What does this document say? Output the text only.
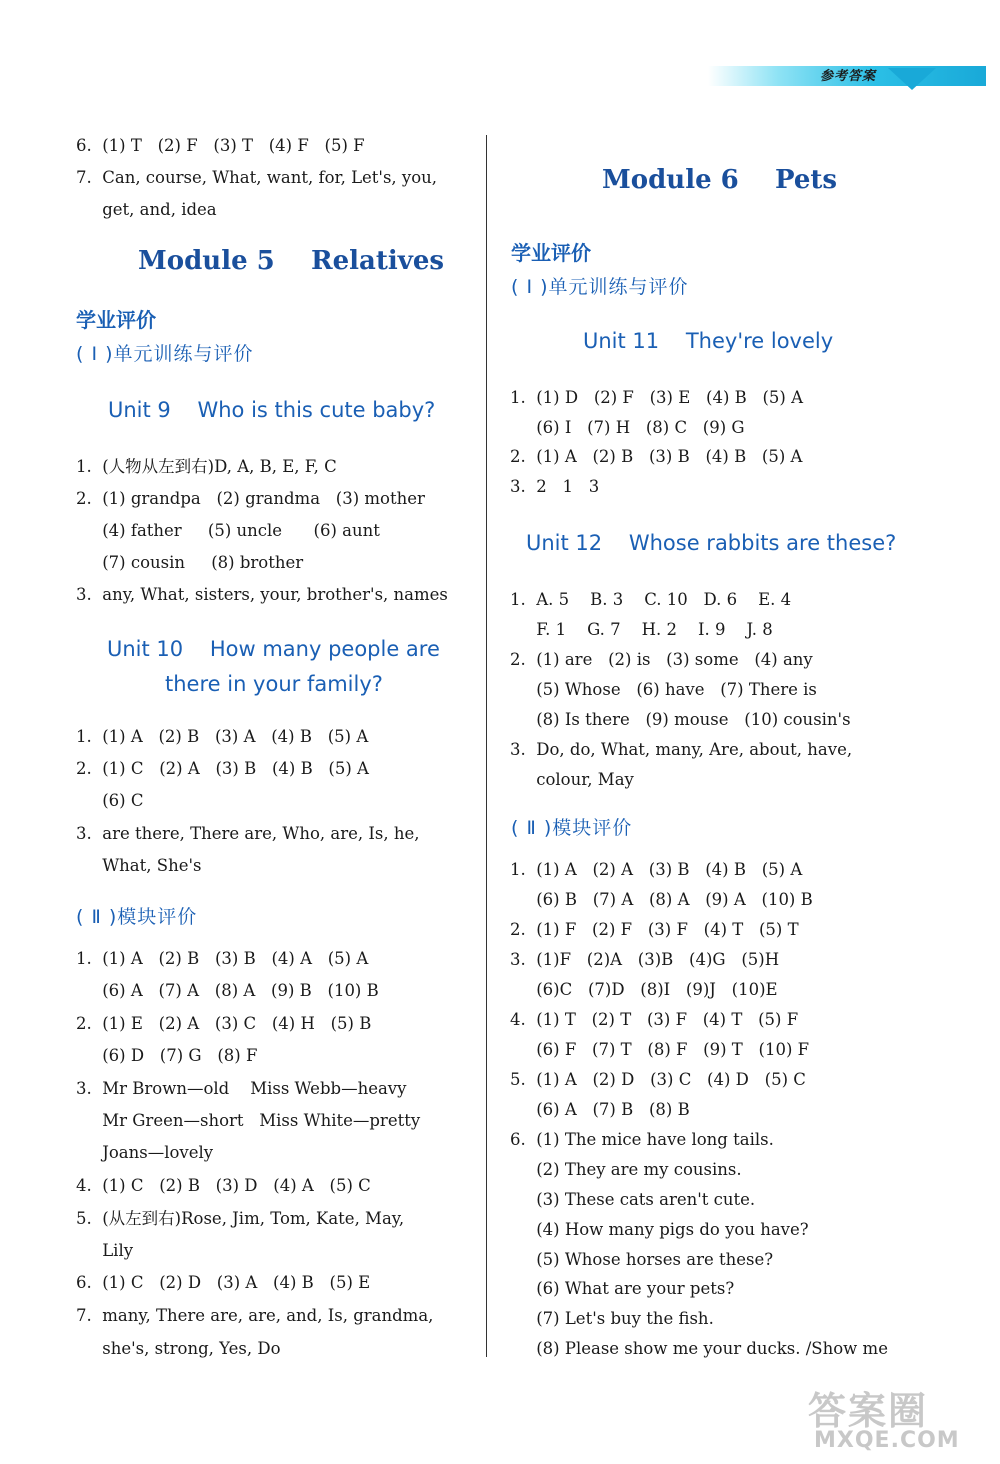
参考答案
6.  (1) T   (2) F   (3) T   (4) F   (5) F
7.  Can, course, What, want, for, Let's, you,
get, and, idea
Module 5    Relatives
学业评价
( Ⅰ )单元训练与评价
Unit 9    Who is this cute baby?
1.  (人物从左到右)D, A, B, E, F, C
2.  (1) grandpa   (2) grandma   (3) mother
(4) father     (5) uncle      (6) aunt
(7) cousin     (8) brother
3.  any, What, sisters, your, brother's, names
Unit 10    How many people are
there in your family?
1.  (1) A   (2) B   (3) A   (4) B   (5) A
2.  (1) C   (2) A   (3) B   (4) B   (5) A
(6) C
3.  are there, There are, Who, are, Is, he,
What, She's
( Ⅱ )模块评价
1.  (1) A   (2) B   (3) B   (4) A   (5) A
(6) A   (7) A   (8) A   (9) B   (10) B
2.  (1) E   (2) A   (3) C   (4) H   (5) B
(6) D   (7) G   (8) F
3.  Mr Brown—old    Miss Webb—heavy
Mr Green—short   Miss White—pretty
Joans—lovely
4.  (1) C   (2) B   (3) D   (4) A   (5) C
5.  (从左到右)Rose, Jim, Tom, Kate, May,
Lily
6.  (1) C   (2) D   (3) A   (4) B   (5) E
7.  many, There are, are, and, Is, grandma,
she's, strong, Yes, Do
Module 6    Pets
学业评价
( Ⅰ )单元训练与评价
Unit 11    They're lovely
1.  (1) D   (2) F   (3) E   (4) B   (5) A
(6) I   (7) H   (8) C   (9) G
2.  (1) A   (2) B   (3) B   (4) B   (5) A
3.  2   1   3
Unit 12    Whose rabbits are these?
1.  A. 5    B. 3    C. 10   D. 6    E. 4
F. 1    G. 7    H. 2    I. 9    J. 8
2.  (1) are   (2) is   (3) some   (4) any
(5) Whose   (6) have   (7) There is
(8) Is there   (9) mouse   (10) cousin's
3.  Do, do, What, many, Are, about, have,
colour, May
( Ⅱ )模块评价
1.  (1) A   (2) A   (3) B   (4) B   (5) A
(6) B   (7) A   (8) A   (9) A   (10) B
2.  (1) F   (2) F   (3) F   (4) T   (5) T
3.  (1)F   (2)A   (3)B   (4)G   (5)H
(6)C   (7)D   (8)I   (9)J   (10)E
4.  (1) T   (2) T   (3) F   (4) T   (5) F
(6) F   (7) T   (8) F   (9) T   (10) F
5.  (1) A   (2) D   (3) C   (4) D   (5) C
(6) A   (7) B   (8) B
6.  (1) The mice have long tails.
(2) They are my cousins.
(3) These cats aren't cute.
(4) How many pigs do you have?
(5) Whose horses are these?
(6) What are your pets?
(7) Let's buy the fish.
(8) Please show me your ducks. /Show me
答案圈
MXQE.COM
